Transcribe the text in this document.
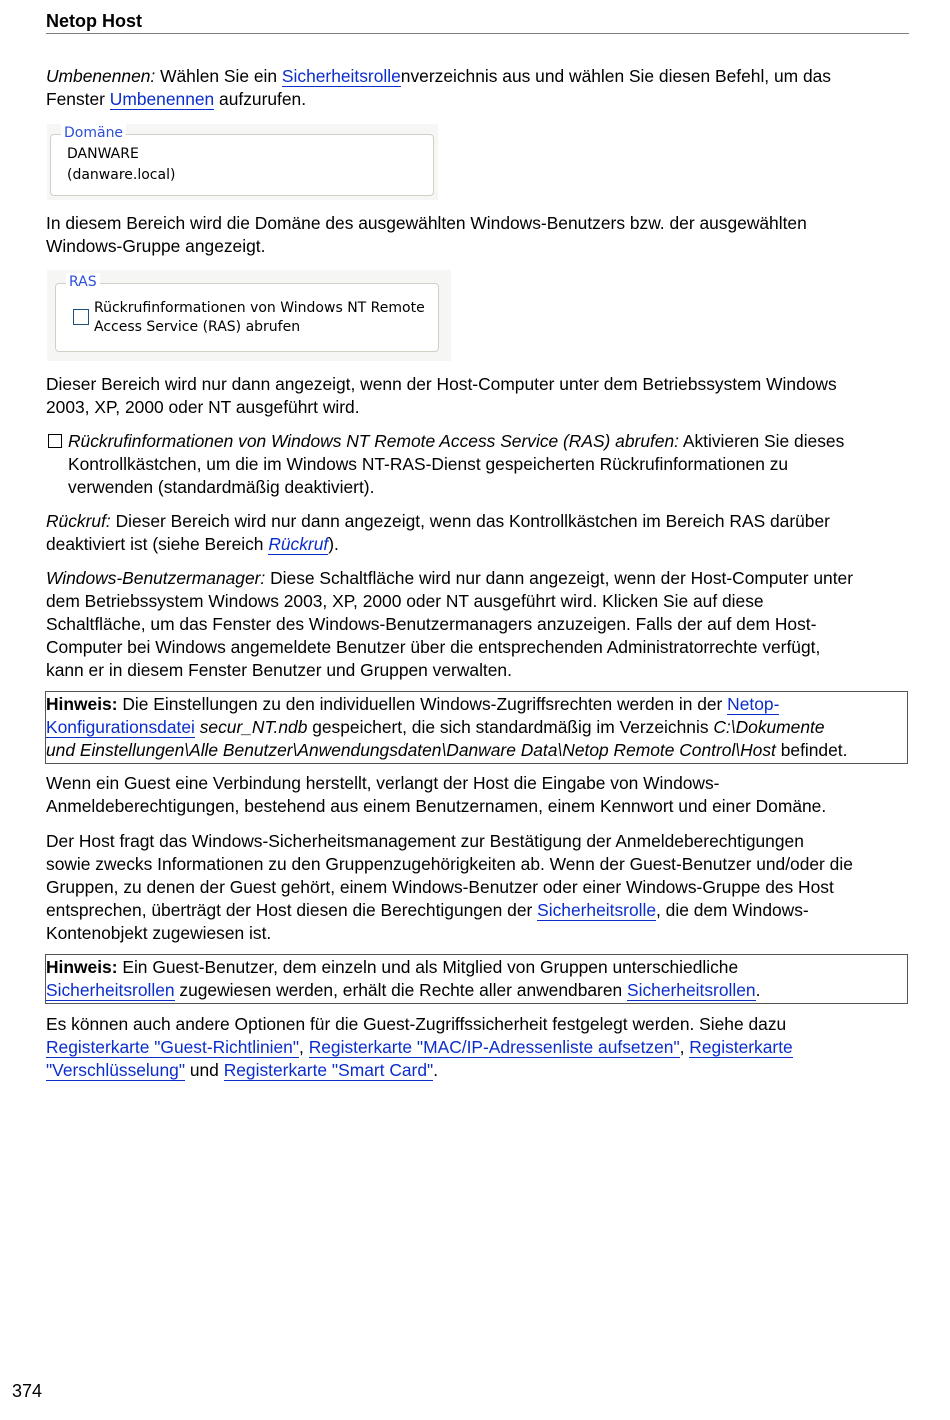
Netop Host

Umbenennen: Wählen Sie ein Sicherheitsrollenverzeichnis aus und wählen Sie diesen Befehl, um das
Fenster Umbenennen aufzurufen.

Domäne
DANWARE
(danware.local)

In diesem Bereich wird die Domäne des ausgewählten Windows-Benutzers bzw. der ausgewählten
Windows-Gruppe angezeigt.

RAS
Rückrufinformationen von Windows NT Remote
Access Service (RAS) abrufen

Dieser Bereich wird nur dann angezeigt, wenn der Host-Computer unter dem Betriebssystem Windows
2003, XP, 2000 oder NT ausgeführt wird.

Rückrufinformationen von Windows NT Remote Access Service (RAS) abrufen: Aktivieren Sie dieses
Kontrollkästchen, um die im Windows NT-RAS-Dienst gespeicherten Rückrufinformationen zu
verwenden (standardmäßig deaktiviert).

Rückruf: Dieser Bereich wird nur dann angezeigt, wenn das Kontrollkästchen im Bereich RAS darüber
deaktiviert ist (siehe Bereich Rückruf).

Windows-Benutzermanager: Diese Schaltfläche wird nur dann angezeigt, wenn der Host-Computer unter
dem Betriebssystem Windows 2003, XP, 2000 oder NT ausgeführt wird. Klicken Sie auf diese
Schaltfläche, um das Fenster des Windows-Benutzermanagers anzuzeigen. Falls der auf dem Host-
Computer bei Windows angemeldete Benutzer über die entsprechenden Administratorrechte verfügt,
kann er in diesem Fenster Benutzer und Gruppen verwalten.

Hinweis: Die Einstellungen zu den individuellen Windows-Zugriffsrechten werden in der Netop-
Konfigurationsdatei secur_NT.ndb gespeichert, die sich standardmäßig im Verzeichnis C:\Dokumente
und Einstellungen\Alle Benutzer\Anwendungsdaten\Danware Data\Netop Remote Control\Host befindet.

Wenn ein Guest eine Verbindung herstellt, verlangt der Host die Eingabe von Windows-
Anmeldeberechtigungen, bestehend aus einem Benutzernamen, einem Kennwort und einer Domäne.

Der Host fragt das Windows-Sicherheitsmanagement zur Bestätigung der Anmeldeberechtigungen
sowie zwecks Informationen zu den Gruppenzugehörigkeiten ab. Wenn der Guest-Benutzer und/oder die
Gruppen, zu denen der Guest gehört, einem Windows-Benutzer oder einer Windows-Gruppe des Host
entsprechen, überträgt der Host diesen die Berechtigungen der Sicherheitsrolle, die dem Windows-
Kontenobjekt zugewiesen ist.

Hinweis: Ein Guest-Benutzer, dem einzeln und als Mitglied von Gruppen unterschiedliche
Sicherheitsrollen zugewiesen werden, erhält die Rechte aller anwendbaren Sicherheitsrollen.

Es können auch andere Optionen für die Guest-Zugriffssicherheit festgelegt werden. Siehe dazu
Registerkarte "Guest-Richtlinien", Registerkarte "MAC/IP-Adressenliste aufsetzen", Registerkarte
"Verschlüsselung" und Registerkarte "Smart Card".

374
